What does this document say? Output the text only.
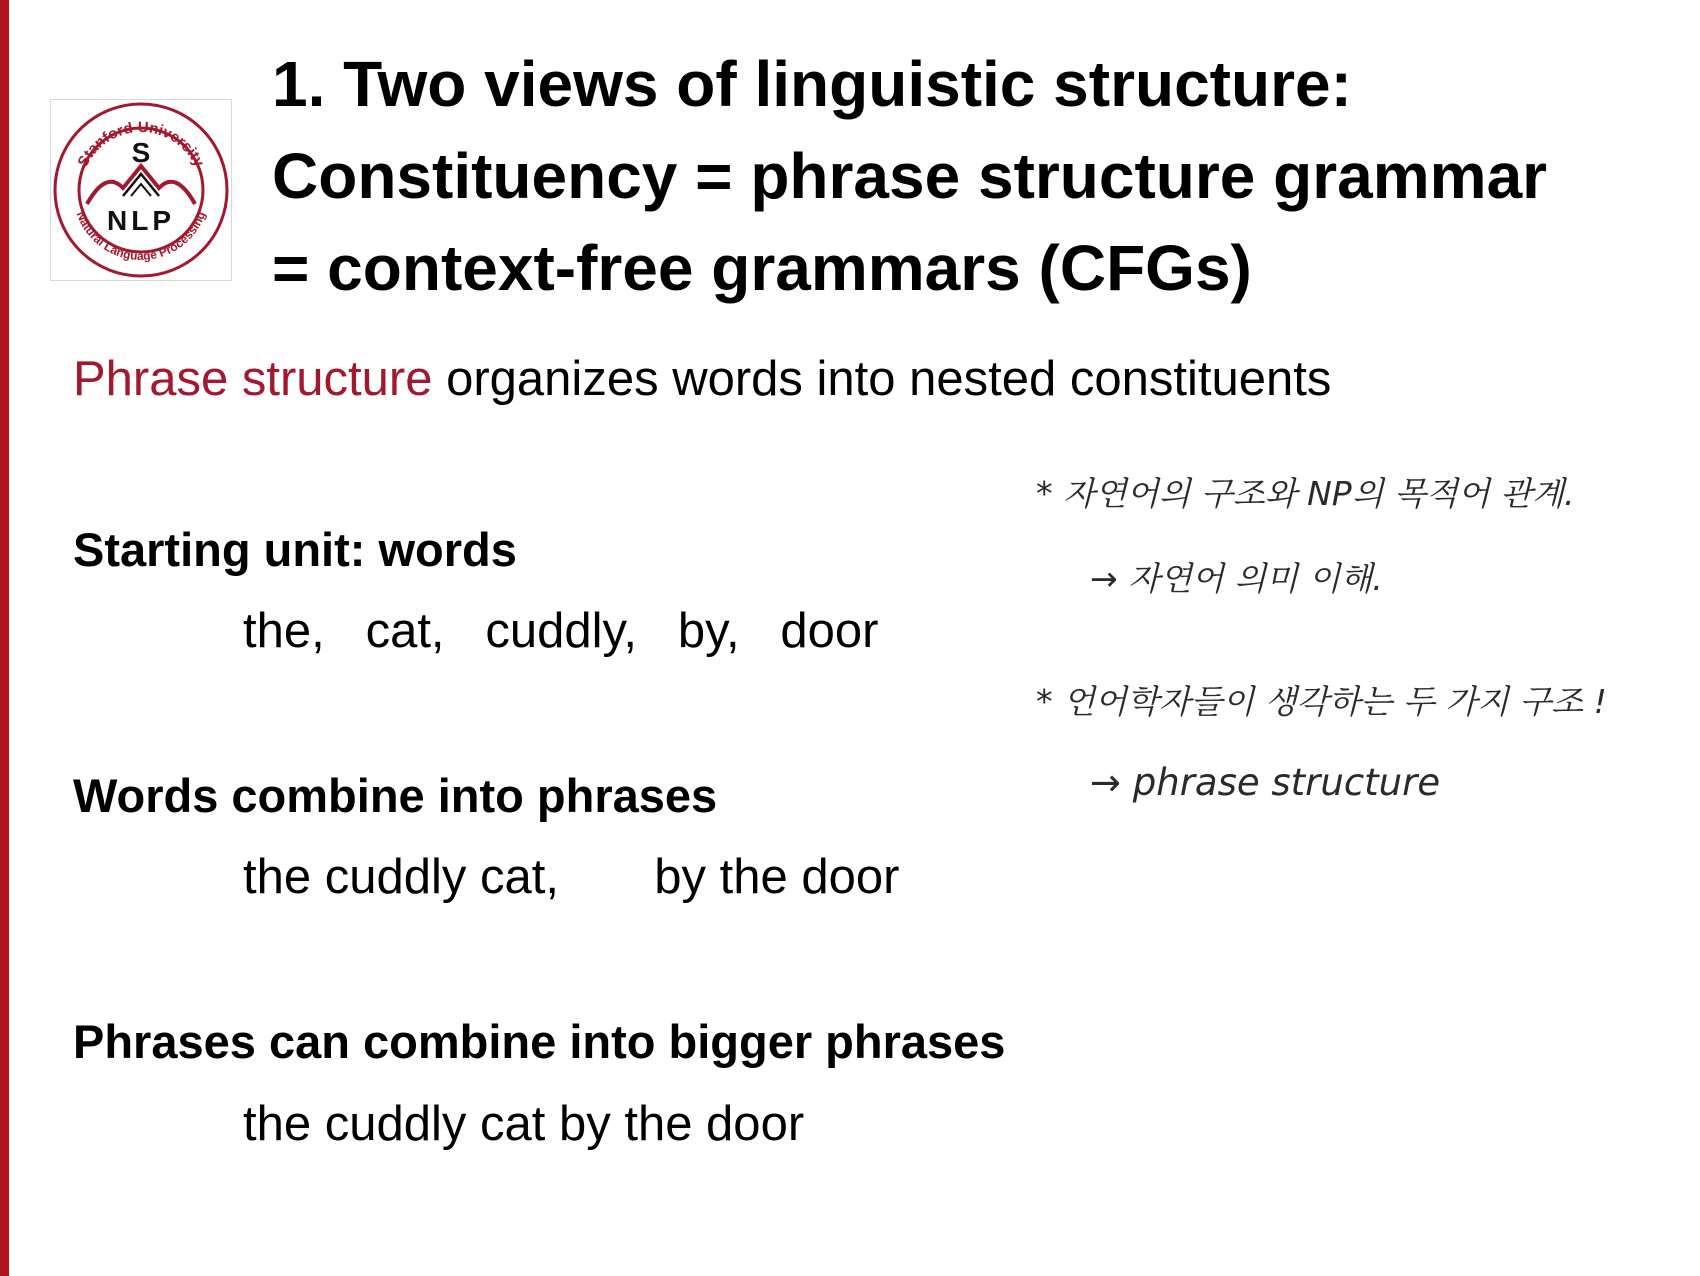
Stanford University
Natural Language Processing
S
NLP
1. Two views of linguistic structure:
Constituency = phrase structure grammar
= context-free grammars (CFGs)
Phrase structure organizes words into nested constituents
Starting unit: words
the,   cat,   cuddly,   by,   door
Words combine into phrases
the cuddly cat,       by the door
Phrases can combine into bigger phrases
the cuddly cat by the door
* 자연어의 구조와 NP의 목적어 관계.
→ 자연어 의미 이해.
* 언어학자들이 생각하는 두 가지 구조 !
→ phrase structure
